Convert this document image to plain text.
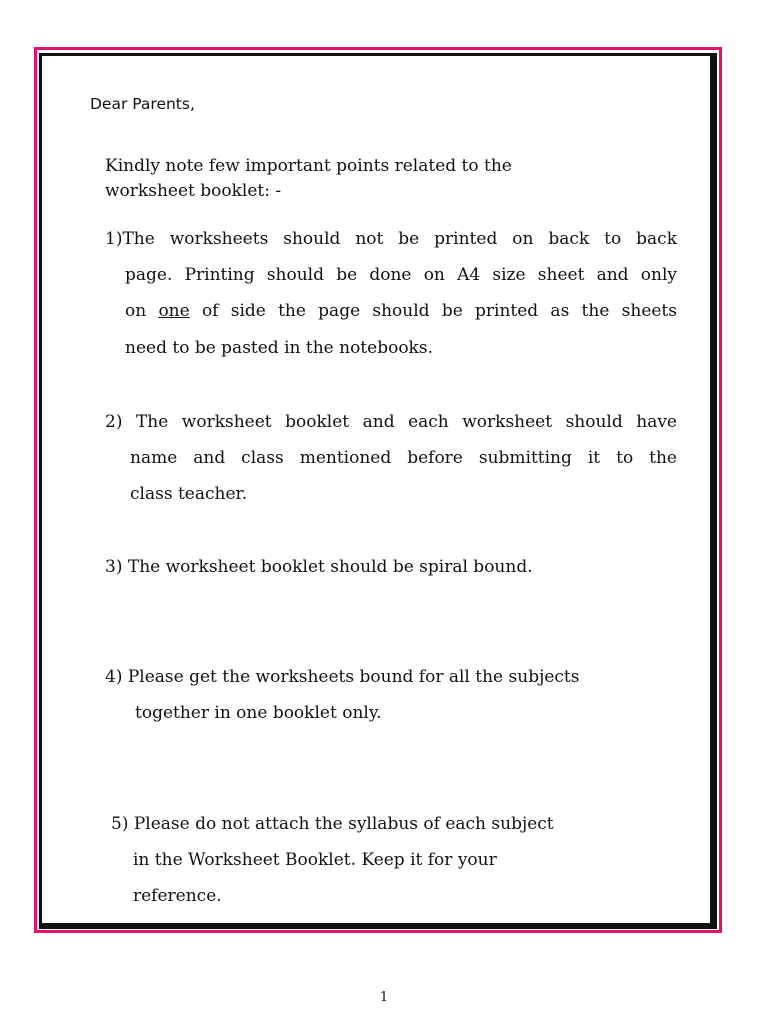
Dear Parents,
Kindly note few important points related to the
worksheet booklet: -
1)The worksheets should not be printed on back to back
page. Printing should be done on A4 size sheet and only
on one of side the page should be printed as the sheets
need to be pasted in the notebooks.
2) The worksheet booklet and each worksheet should have
name and class mentioned before submitting it to the
class teacher.
3) The worksheet booklet should be spiral bound.
4) Please get the worksheets bound for all the subjects
together in one booklet only.
5) Please do not attach the syllabus of each subject
in the Worksheet Booklet. Keep it for your
reference.
1
